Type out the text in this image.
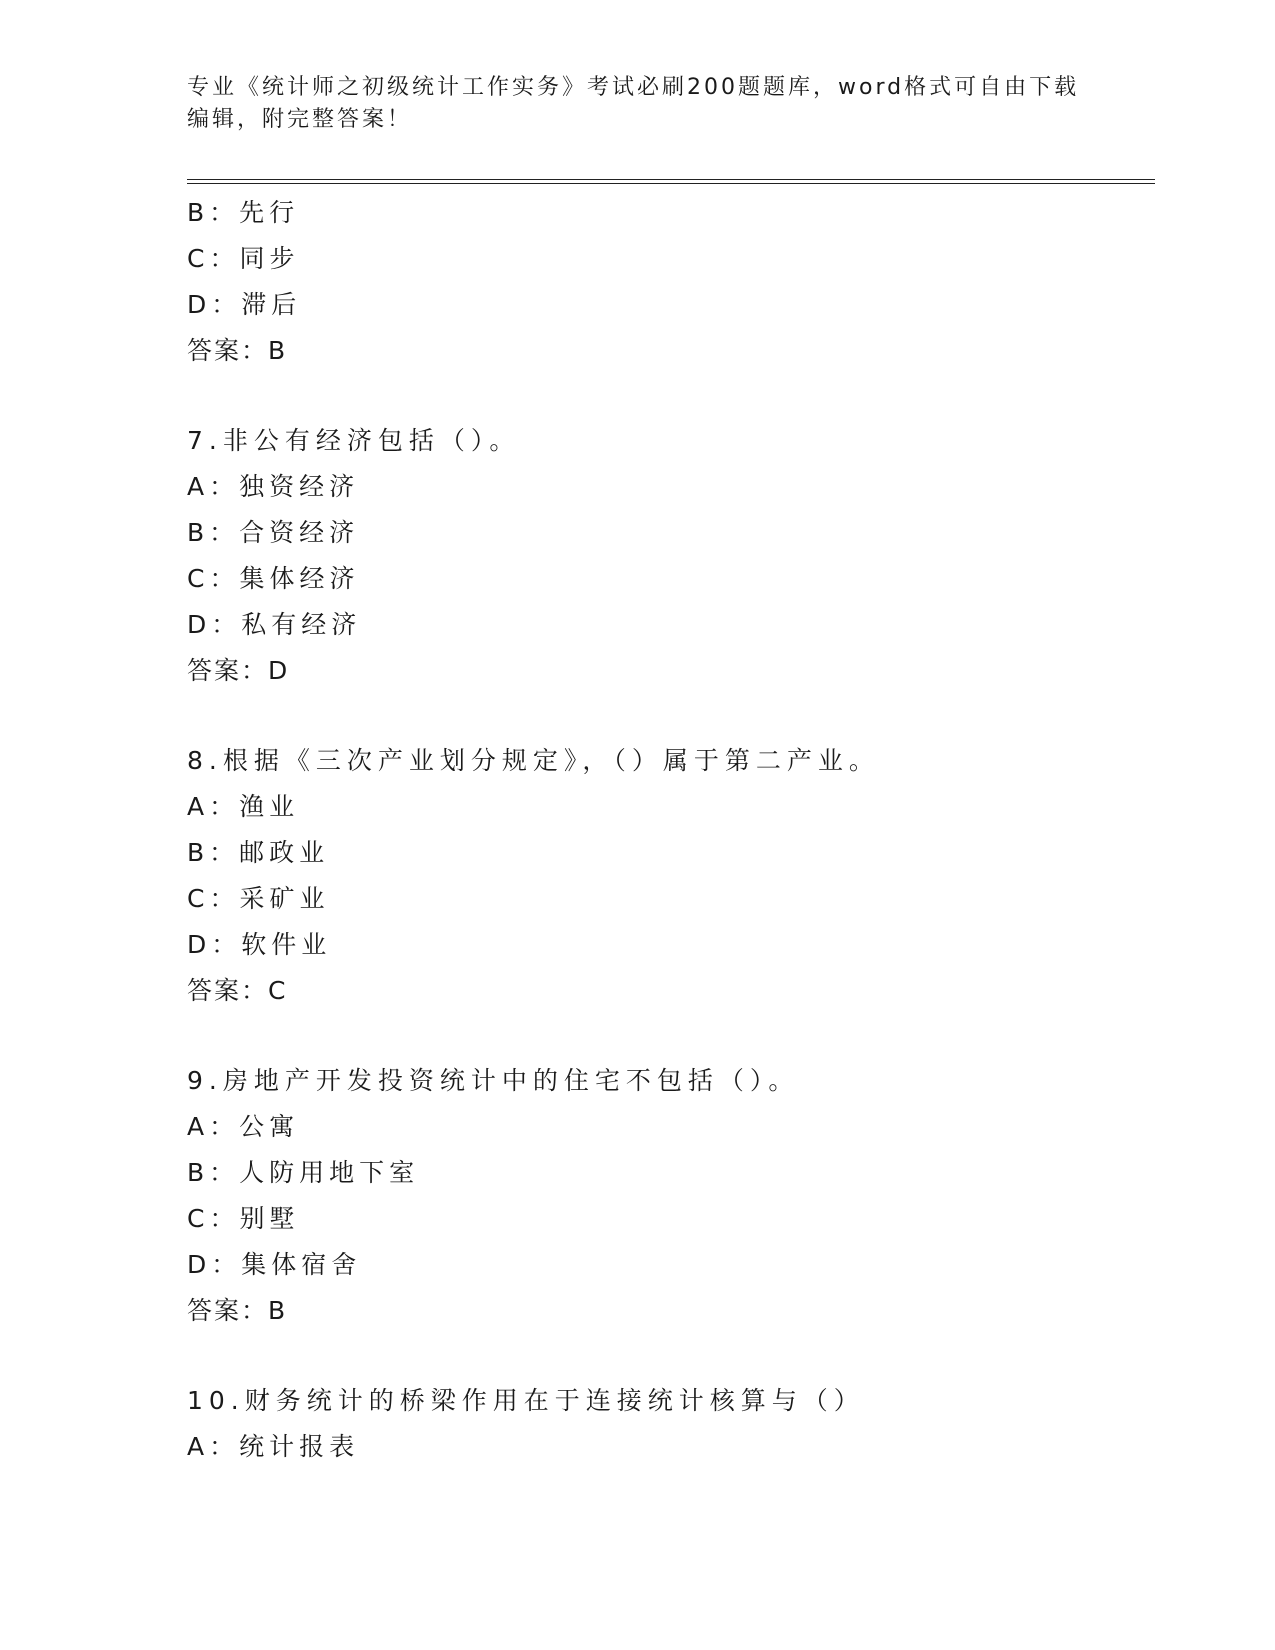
专业《统计师之初级统计工作实务》考试必刷200题题库，word格式可自由下载
编辑，附完整答案！
B：先行
C：同步
D：滞后
答案：B
7.非公有经济包括（）。
A：独资经济
B：合资经济
C：集体经济
D：私有经济
答案：D
8.根据《三次产业划分规定》，（）属于第二产业。
A：渔业
B：邮政业
C：采矿业
D：软件业
答案：C
9.房地产开发投资统计中的住宅不包括（）。
A：公寓
B：人防用地下室
C：别墅
D：集体宿舍
答案：B
10.财务统计的桥梁作用在于连接统计核算与（）
A：统计报表
